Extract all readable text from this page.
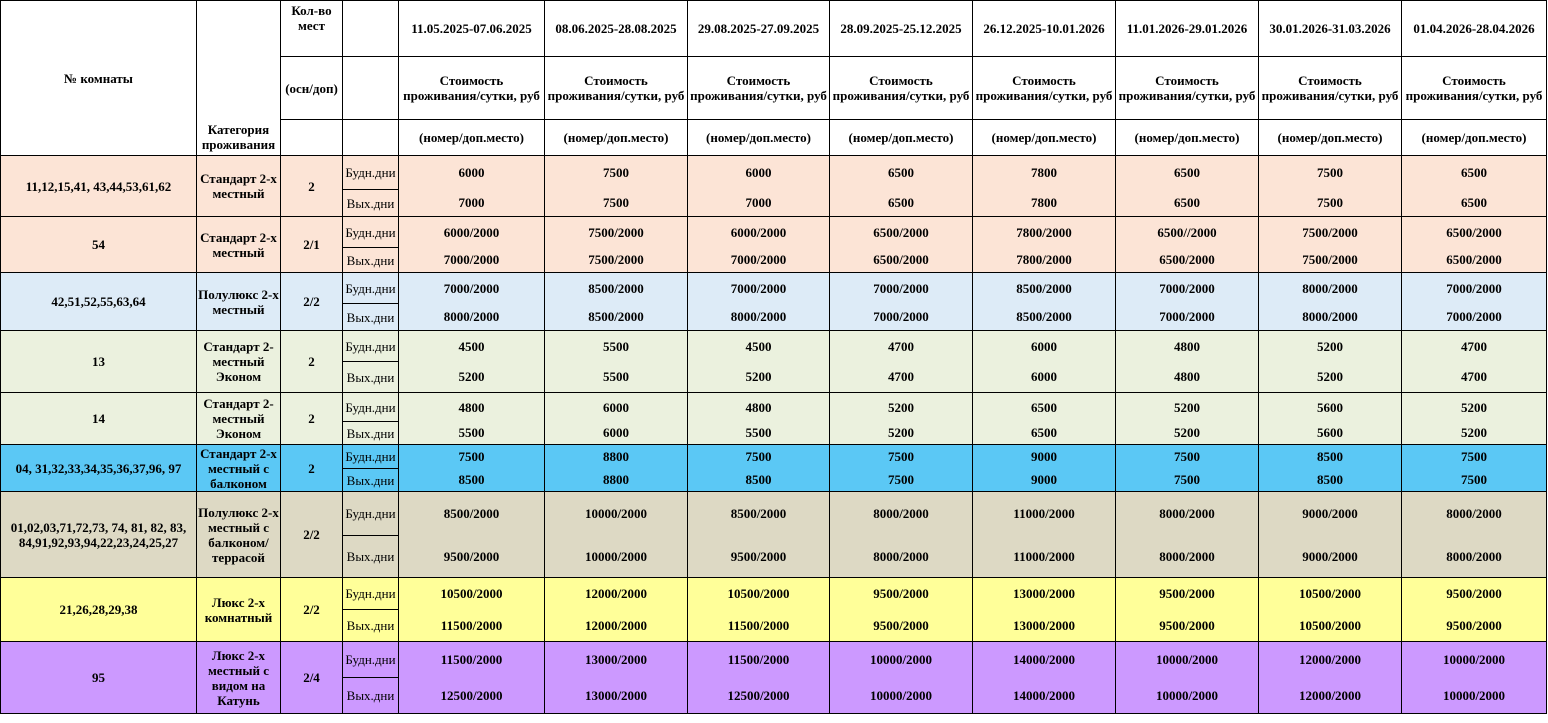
№ комнаты		Кол-во мест		11.05.2025-07.06.2025	08.06.2025-28.08.2025	29.08.2025-27.09.2025	28.09.2025-25.12.2025	26.12.2025-10.01.2026	11.01.2026-29.01.2026	30.01.2026-31.03.2026	01.04.2026-28.04.2026
	Категория проживания	(осн/доп)		Стоимость проживания/сутки, руб	Стоимость проживания/сутки, руб	Стоимость проживания/сутки, руб	Стоимость проживания/сутки, руб	Стоимость проживания/сутки, руб	Стоимость проживания/сутки, руб	Стоимость проживания/сутки, руб	Стоимость проживания/сутки, руб
				(номер/доп.место)	(номер/доп.место)	(номер/доп.место)	(номер/доп.место)	(номер/доп.место)	(номер/доп.место)	(номер/доп.место)	(номер/доп.место)
11,12,15,41, 43,44,53,61,62	Стандарт 2-х местный	2	Будн.дни	6000	7500	6000	6500	7800	6500	7500	6500
			Вых.дни	7000	7500	7000	6500	7800	6500	7500	6500
54	Стандарт 2-х местный	2/1	Будн.дни	6000/2000	7500/2000	6000/2000	6500/2000	7800/2000	6500//2000	7500/2000	6500/2000
			Вых.дни	7000/2000	7500/2000	7000/2000	6500/2000	7800/2000	6500/2000	7500/2000	6500/2000
42,51,52,55,63,64	Полулюкс 2-х местный	2/2	Будн.дни	7000/2000	8500/2000	7000/2000	7000/2000	8500/2000	7000/2000	8000/2000	7000/2000
			Вых.дни	8000/2000	8500/2000	8000/2000	7000/2000	8500/2000	7000/2000	8000/2000	7000/2000
13	Стандарт 2-местный Эконом	2	Будн.дни	4500	5500	4500	4700	6000	4800	5200	4700
			Вых.дни	5200	5500	5200	4700	6000	4800	5200	4700
14	Стандарт 2-местный Эконом	2	Будн.дни	4800	6000	4800	5200	6500	5200	5600	5200
			Вых.дни	5500	6000	5500	5200	6500	5200	5600	5200
04, 31,32,33,34,35,36,37,96, 97	Стандарт 2-х местный с балконом	2	Будн.дни	7500	8800	7500	7500	9000	7500	8500	7500
			Вых.дни	8500	8800	8500	7500	9000	7500	8500	7500
01,02,03,71,72,73, 74, 81, 82, 83, 84,91,92,93,94,22,23,24,25,27	Полулюкс 2-х местный с балконом/террасой	2/2	Будн.дни	8500/2000	10000/2000	8500/2000	8000/2000	11000/2000	8000/2000	9000/2000	8000/2000
			Вых.дни	9500/2000	10000/2000	9500/2000	8000/2000	11000/2000	8000/2000	9000/2000	8000/2000
21,26,28,29,38	Люкс 2-х комнатный	2/2	Будн.дни	10500/2000	12000/2000	10500/2000	9500/2000	13000/2000	9500/2000	10500/2000	9500/2000
			Вых.дни	11500/2000	12000/2000	11500/2000	9500/2000	13000/2000	9500/2000	10500/2000	9500/2000
95	Люкс 2-х местный с видом на Катунь	2/4	Будн.дни	11500/2000	13000/2000	11500/2000	10000/2000	14000/2000	10000/2000	12000/2000	10000/2000
			Вых.дни	12500/2000	13000/2000	12500/2000	10000/2000	14000/2000	10000/2000	12000/2000	10000/2000
